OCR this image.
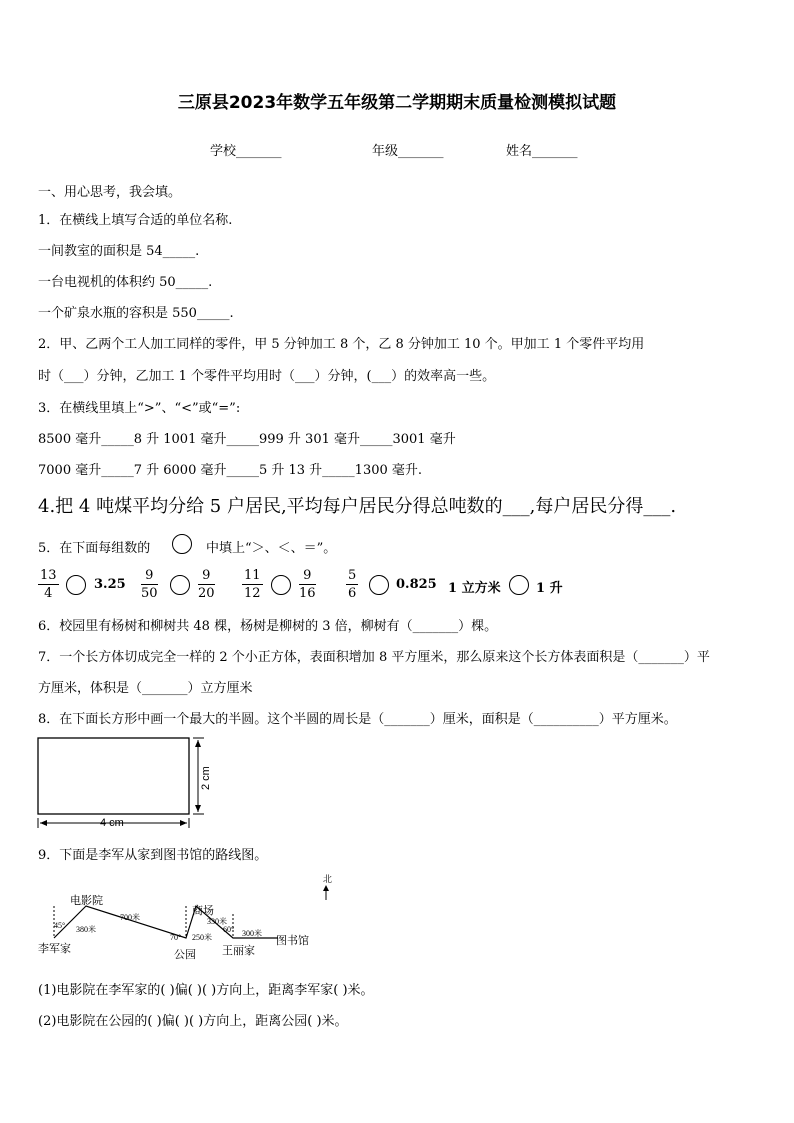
三原县2023年数学五年级第二学期期末质量检测模拟试题
学校_______	年级_______	姓名_______
一、用心思考，我会填。
1．在横线上填写合适的单位名称.
一间教室的面积是 54_____.
一台电视机的体积约 50_____.
一个矿泉水瓶的容积是 550_____.
2．甲、乙两个工人加工同样的零件，甲 5 分钟加工 8 个，乙 8 分钟加工 10 个。甲加工 1 个零件平均用
时（___）分钟，乙加工 1 个零件平均用时（___）分钟，(___）的效率高一些。
3．在横线里填上“>”、“<”或“=”:
8500 毫升_____8 升 1001 毫升_____999 升 301 毫升_____3001 毫升
7000 毫升_____7 升 6000 毫升_____5 升 13 升_____1300 毫升.
4.把 4 吨煤平均分给 5 户居民,平均每户居民分得总吨数的___,每户居民分得___.
5．在下面每组数的	中填上“＞、＜、＝”。
$\frac{13}{4}$	$3.25 \frac{9}{50}$	$\frac{9}{20} \frac{11}{12}$	$\frac{9}{16} \frac{5}{6}$	0.825 1 立方米	1 升
6．校园里有杨树和柳树共 48 棵，杨树是柳树的 3 倍，柳树有（_______）棵。
7．一个长方体切成完全一样的 2 个小正方体，表面积增加 8 平方厘米，那么原来这个长方体表面积是（_______）平
方厘米，体积是（_______）立方厘米
8．在下面长方形中画一个最大的半圆。这个半圆的周长是（_______）厘米，面积是（__________）平方厘米。
4 cm
2 cm
9．下面是李军从家到图书馆的路线图。
北
45° 380米
700米
70° 250米
330米
60° 300米
电影院
商场
李军家	公园 王丽家
图书馆
(1)电影院在李军家的( )偏( )( )方向上，距离李军家( )米。
(2)电影院在公园的( )偏( )( )方向上，距离公园( )米。
